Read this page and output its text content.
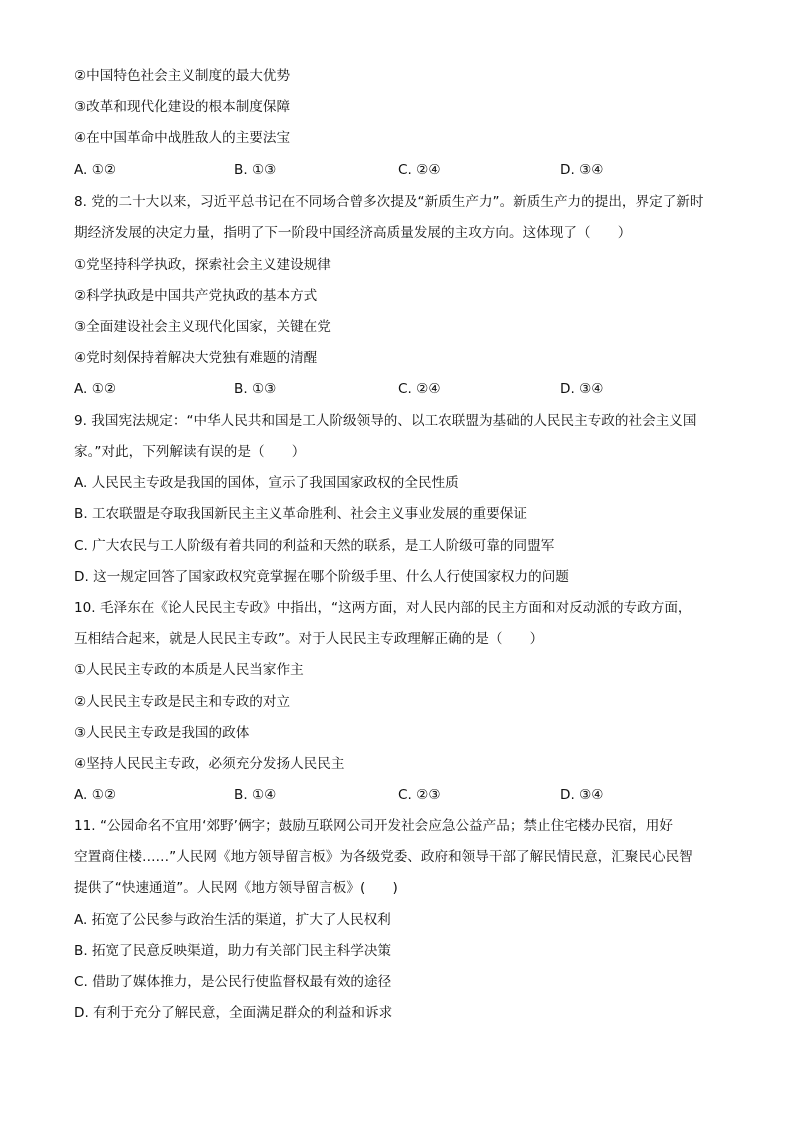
②中国特色社会主义制度的最大优势
③改革和现代化建设的根本制度保障
④在中国革命中战胜敌人的主要法宝
A. ①②	B. ①③	C. ②④	D. ③④
8. 党的二十大以来，习近平总书记在不同场合曾多次提及“新质生产力”。新质生产力的提出，界定了新时
期经济发展的决定力量，指明了下一阶段中国经济高质量发展的主攻方向。这体现了（　　）
①党坚持科学执政，探索社会主义建设规律
②科学执政是中国共产党执政的基本方式
③全面建设社会主义现代化国家，关键在党
④党时刻保持着解决大党独有难题的清醒
A. ①②	B. ①③	C. ②④	D. ③④
9. 我国宪法规定：“中华人民共和国是工人阶级领导的、以工农联盟为基础的人民民主专政的社会主义国
家。”对此，下列解读有误的是（　　）
A. 人民民主专政是我国的国体，宣示了我国国家政权的全民性质
B. 工农联盟是夺取我国新民主主义革命胜利、社会主义事业发展的重要保证
C. 广大农民与工人阶级有着共同的利益和天然的联系，是工人阶级可靠的同盟军
D. 这一规定回答了国家政权究竟掌握在哪个阶级手里、什么人行使国家权力的问题
10. 毛泽东在《论人民民主专政》中指出，“这两方面，对人民内部的民主方面和对反动派的专政方面，
互相结合起来，就是人民民主专政”。对于人民民主专政理解正确的是（　　）
①人民民主专政的本质是人民当家作主
②人民民主专政是民主和专政的对立
③人民民主专政是我国的政体
④坚持人民民主专政，必须充分发扬人民民主
A. ①②	B. ①④	C. ②③	D. ③④
11. “公园命名不宜用‘郊野’俩字；鼓励互联网公司开发社会应急公益产品；禁止住宅楼办民宿，用好
空置商住楼……”人民网《地方领导留言板》为各级党委、政府和领导干部了解民情民意，汇聚民心民智
提供了“快速通道”。人民网《地方领导留言板》(　　)
A. 拓宽了公民参与政治生活的渠道，扩大了人民权利
B. 拓宽了民意反映渠道，助力有关部门民主科学决策
C. 借助了媒体推力，是公民行使监督权最有效的途径
D. 有利于充分了解民意，全面满足群众的利益和诉求
